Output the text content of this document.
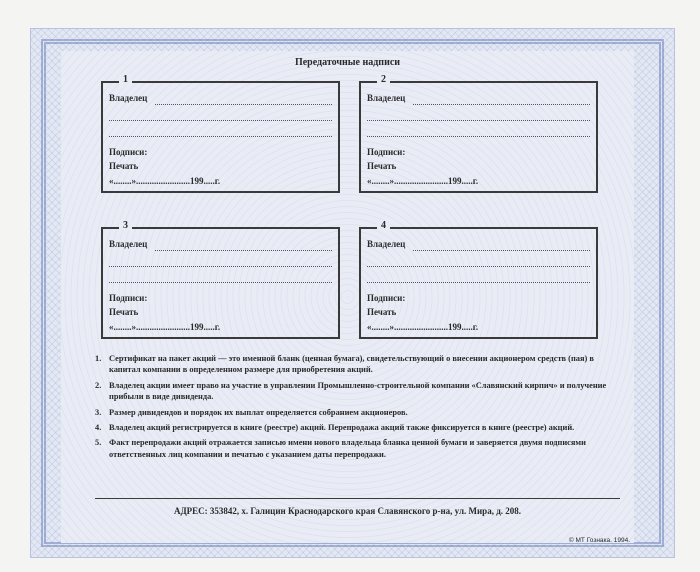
Передаточные надписи
1
Владелец
Подписи:
Печать
«........»........................199.....г.
2
Владелец
Подписи:
Печать
«........»........................199.....г.
3
Владелец
Подписи:
Печать
«........»........................199.....г.
4
Владелец
Подписи:
Печать
«........»........................199.....г.
1. Сертификат на пакет акций — это именной бланк (ценная бумага), свидетельствующий о внесении акционером средств (пая) в капитал компании в определенном размере для приобретения акций.
2. Владелец акции имеет право на участие в управлении Промышленно-строительной компании «Славянский кирпич» и получение прибыли в виде дивиденда.
3. Размер дивидендов и порядок их выплат определяется собранием акционеров.
4. Владелец акций регистрируется в книге (реестре) акций. Перепродажа акций также фиксируется в книге (реестре) акций.
5. Факт перепродажи акций отражается записью имени нового владельца бланка ценной бумаги и заверяется двумя подписями ответственных лиц компании и печатью с указанием даты перепродажи.
АДРЕС: 353842, х. Галицин Краснодарского края Славянского р-на, ул. Мира, д. 208.
© МТ Гознака. 1994.
